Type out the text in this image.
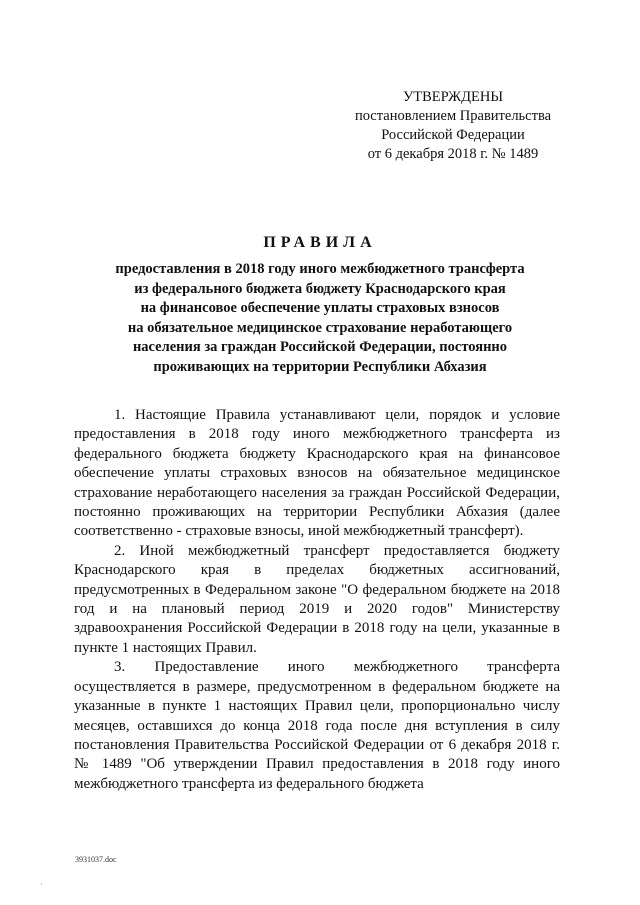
УТВЕРЖДЕНЫ
постановлением Правительства
Российской Федерации
от 6 декабря 2018 г. № 1489
ПРАВИЛА
предоставления в 2018 году иного межбюджетного трансферта
из федерального бюджета бюджету Краснодарского края
на финансовое обеспечение уплаты страховых взносов
на обязательное медицинское страхование неработающего
населения за граждан Российской Федерации, постоянно
проживающих на территории Республики Абхазия

1. Настоящие Правила устанавливают цели, порядок и условие предоставления в 2018 году иного межбюджетного трансферта из федерального бюджета бюджету Краснодарского края на финансовое обеспечение уплаты страховых взносов на обязательное медицинское страхование неработающего населения за граждан Российской Федерации, постоянно проживающих на территории Республики Абхазия (далее соответственно - страховые взносы, иной межбюджетный трансферт).

2. Иной межбюджетный трансферт предоставляется бюджету Краснодарского края в пределах бюджетных ассигнований, предусмотренных в Федеральном законе "О федеральном бюджете на 2018 год и на плановый период 2019 и 2020 годов" Министерству здравоохранения Российской Федерации в 2018 году на цели, указанные в пункте 1 настоящих Правил.

3. Предоставление иного межбюджетного трансферта осуществляется в размере, предусмотренном в федеральном бюджете на указанные в пункте 1 настоящих Правил цели, пропорционально числу месяцев, оставшихся до конца 2018 года после дня вступления в силу постановления Правительства Российской Федерации от 6 декабря 2018 г. № 1489 "Об утверждении Правил предоставления в 2018 году иного межбюджетного трансферта из федерального бюджета

3931037.doc
·
